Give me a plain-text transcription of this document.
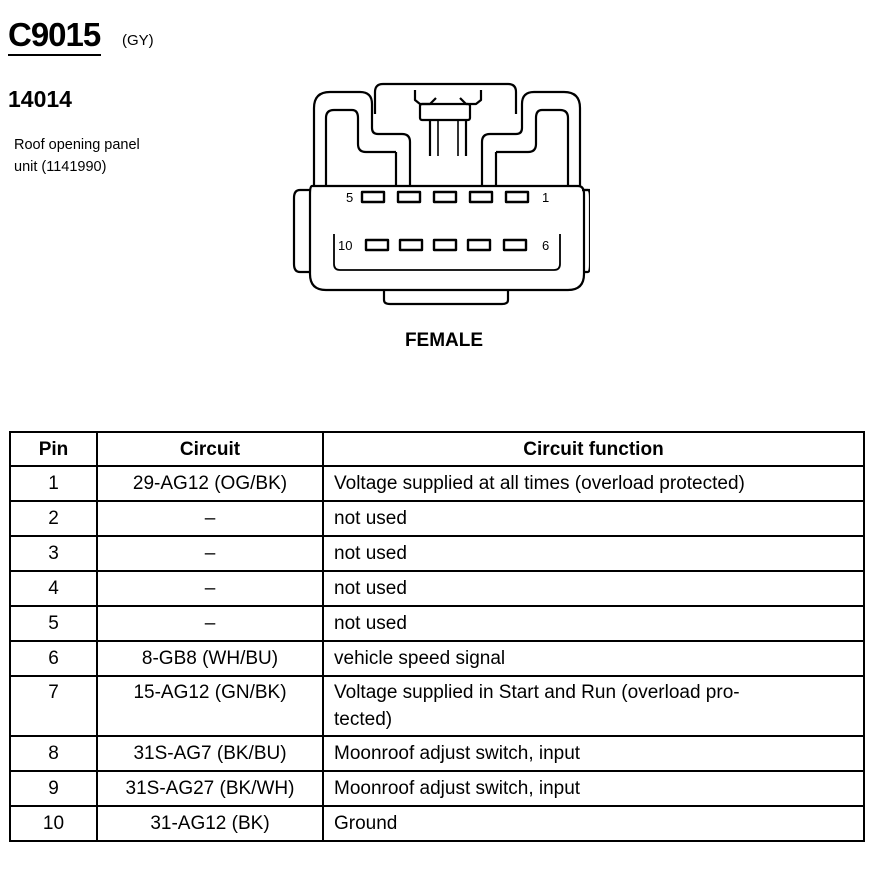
C9015 (GY)
14014
Roof opening panel
unit (1141990)
5	1
10	6
FEMALE
Pin	Circuit	Circuit function
1	29-AG12 (OG/BK)	Voltage supplied at all times (overload protected)
2	–	not used
3	–	not used
4	–	not used
5	–	not used
6	8-GB8 (WH/BU)	vehicle speed signal
7	15-AG12 (GN/BK)	Voltage supplied in Start and Run (overload pro-
tected)
8	31S-AG7 (BK/BU)	Moonroof adjust switch, input
9	31S-AG27 (BK/WH)	Moonroof adjust switch, input
10	31-AG12 (BK)	Ground
